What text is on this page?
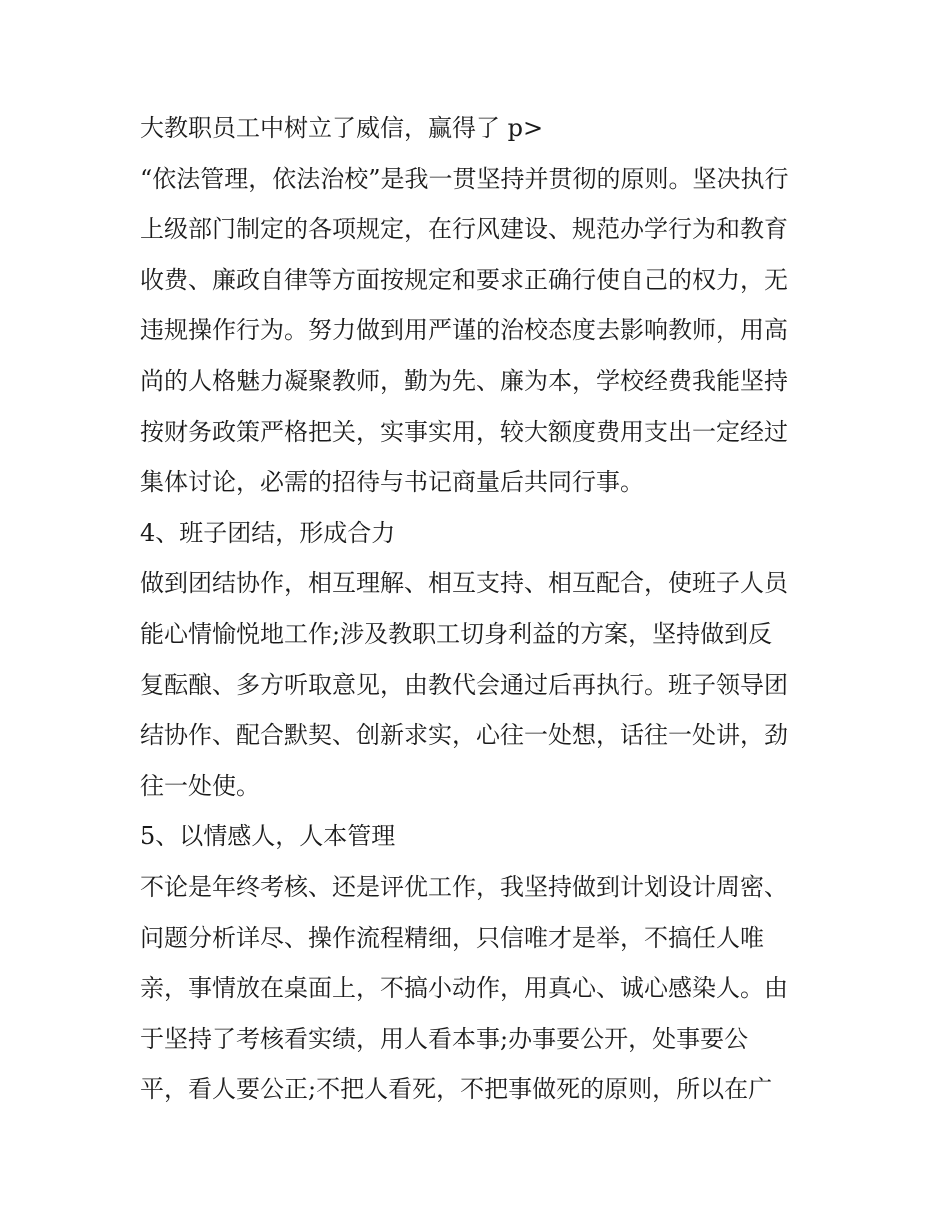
大教职员工中树立了威信，赢得了 p>
“依法管理，依法治校”是我一贯坚持并贯彻的原则。坚决执行
上级部门制定的各项规定，在行风建设、规范办学行为和教育
收费、廉政自律等方面按规定和要求正确行使自己的权力，无
违规操作行为。努力做到用严谨的治校态度去影响教师，用高
尚的人格魅力凝聚教师，勤为先、廉为本，学校经费我能坚持
按财务政策严格把关，实事实用，较大额度费用支出一定经过
集体讨论，必需的招待与书记商量后共同行事。
4、班子团结，形成合力
做到团结协作，相互理解、相互支持、相互配合，使班子人员
能心情愉悦地工作;涉及教职工切身利益的方案，坚持做到反
复酝酿、多方听取意见，由教代会通过后再执行。班子领导团
结协作、配合默契、创新求实，心往一处想，话往一处讲，劲
往一处使。
5、以情感人，人本管理
不论是年终考核、还是评优工作，我坚持做到计划设计周密、
问题分析详尽、操作流程精细，只信唯才是举，不搞任人唯
亲，事情放在桌面上，不搞小动作，用真心、诚心感染人。由
于坚持了考核看实绩，用人看本事;办事要公开，处事要公
平，看人要公正;不把人看死，不把事做死的原则，所以在广
